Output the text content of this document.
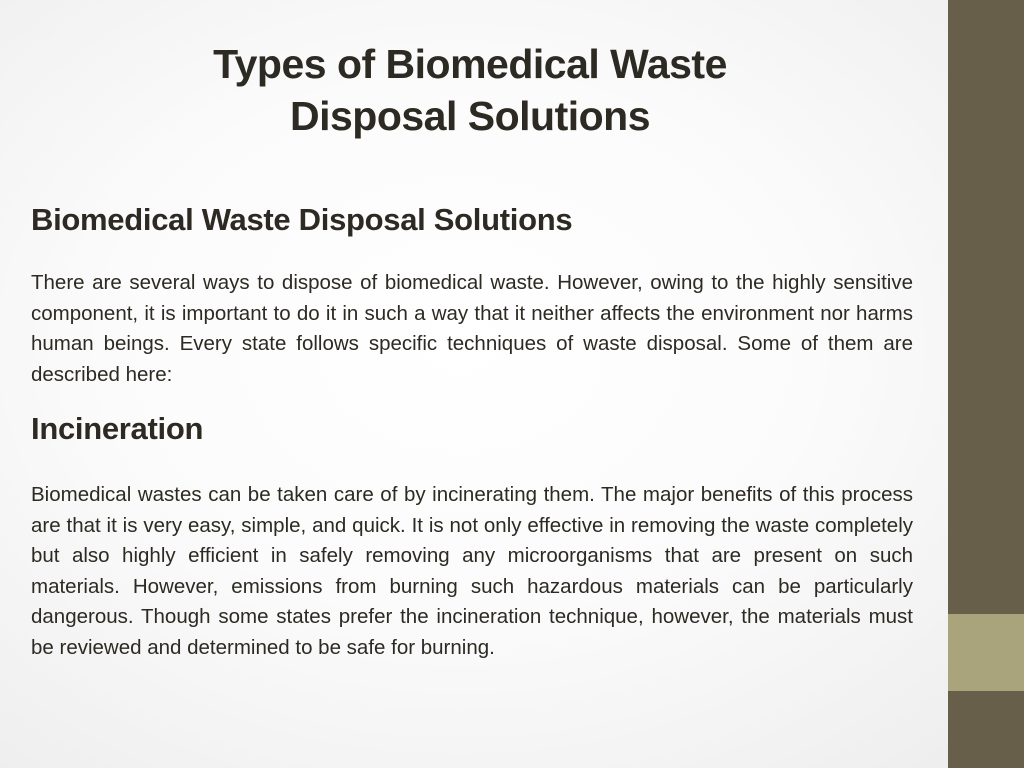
Types of Biomedical Waste
Disposal Solutions
Biomedical Waste Disposal Solutions

There are several ways to dispose of biomedical waste. However, owing to the highly sensitive component, it is important to do it in such a way that it neither affects the environment nor harms human beings. Every state follows specific techniques of waste disposal. Some of them are described here:

Incineration

Biomedical wastes can be taken care of by incinerating them. The major benefits of this process are that it is very easy, simple, and quick. It is not only effective in removing the waste completely but also highly efficient in safely removing any microorganisms that are present on such materials. However, emissions from burning such hazardous materials can be particularly dangerous. Though some states prefer the incineration technique, however, the materials must be reviewed and determined to be safe for burning.
